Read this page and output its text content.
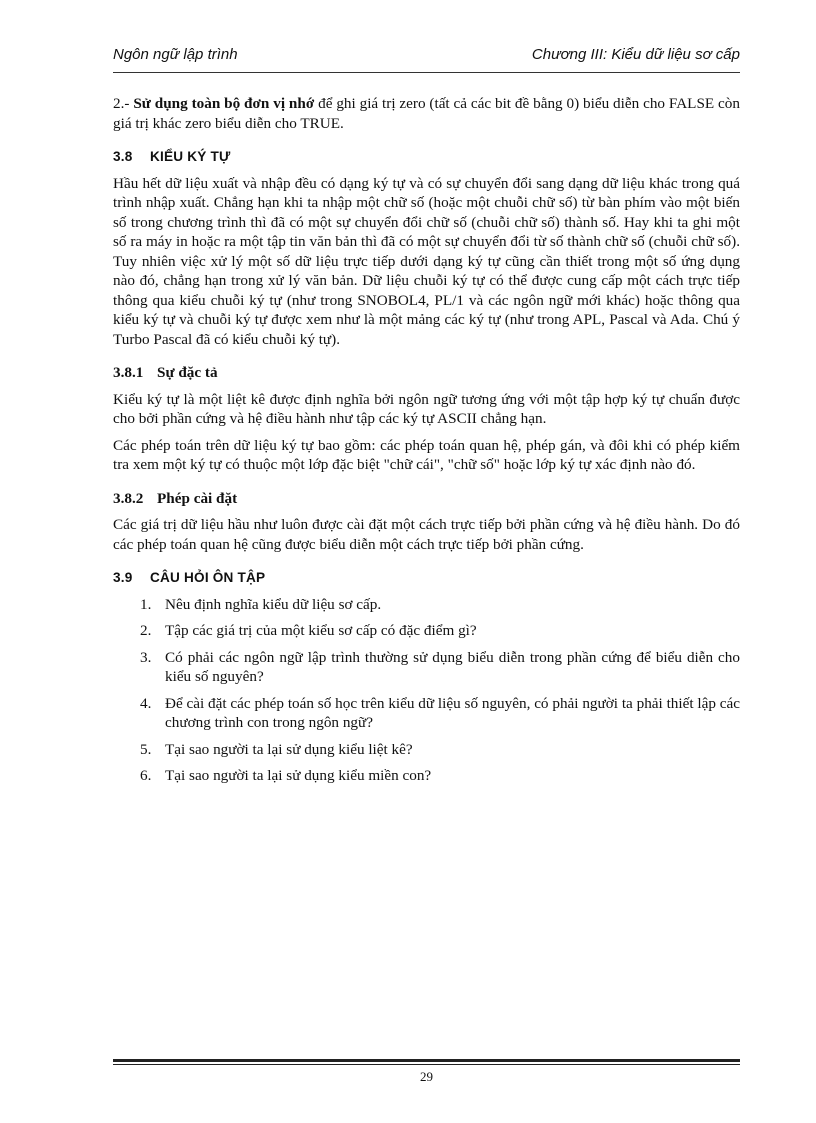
Ngôn ngữ lập trình	Chương III: Kiểu dữ liệu sơ cấp

2.- Sử dụng toàn bộ đơn vị nhớ để ghi giá trị zero (tất cả các bit đề bằng 0) biểu diễn cho FALSE còn giá trị khác zero biểu diễn cho TRUE.

3.8 KIỂU KÝ TỰ

Hầu hết dữ liệu xuất và nhập đều có dạng ký tự và có sự chuyển đổi sang dạng dữ liệu khác trong quá trình nhập xuất. Chẳng hạn khi ta nhập một chữ số (hoặc một chuỗi chữ số) từ bàn phím vào một biến số trong chương trình thì đã có một sự chuyển đổi chữ số (chuỗi chữ số) thành số. Hay khi ta ghi một số ra máy in hoặc ra một tập tin văn bản thì đã có một sự chuyển đổi từ số thành chữ số (chuỗi chữ số). Tuy nhiên việc xử lý một số dữ liệu trực tiếp dưới dạng ký tự cũng cần thiết trong một số ứng dụng nào đó, chẳng hạn trong xử lý văn bản. Dữ liệu chuỗi ký tự có thể được cung cấp một cách trực tiếp thông qua kiểu chuỗi ký tự (như trong SNOBOL4, PL/1 và các ngôn ngữ mới khác) hoặc thông qua kiểu ký tự và chuỗi ký tự được xem như là một mảng các ký tự (như trong APL, Pascal và Ada. Chú ý Turbo Pascal đã có kiểu chuỗi ký tự).

3.8.1 Sự đặc tả

Kiểu ký tự là một liệt kê được định nghĩa bởi ngôn ngữ tương ứng với một tập hợp ký tự chuẩn được cho bởi phần cứng và hệ điều hành như tập các ký tự ASCII chẳng hạn.

Các phép toán trên dữ liệu ký tự bao gồm: các phép toán quan hệ, phép gán, và đôi khi có phép kiểm tra xem một ký tự có thuộc một lớp đặc biệt "chữ cái", "chữ số" hoặc lớp ký tự xác định nào đó.

3.8.2 Phép cài đặt

Các giá trị dữ liệu hầu như luôn được cài đặt một cách trực tiếp bởi phần cứng và hệ điều hành. Do đó các phép toán quan hệ cũng được biểu diễn một cách trực tiếp bởi phần cứng.

3.9 CÂU HỎI ÔN TẬP
1. Nêu định nghĩa kiểu dữ liệu sơ cấp.
2. Tập các giá trị của một kiểu sơ cấp có đặc điểm gì?
3. Có phải các ngôn ngữ lập trình thường sử dụng biểu diễn trong phần cứng để biểu diễn cho kiểu số nguyên?
4. Để cài đặt các phép toán số học trên kiểu dữ liệu số nguyên, có phải người ta phải thiết lập các chương trình con trong ngôn ngữ?
5. Tại sao người ta lại sử dụng kiểu liệt kê?
6. Tại sao người ta lại sử dụng kiểu miền con?
29
